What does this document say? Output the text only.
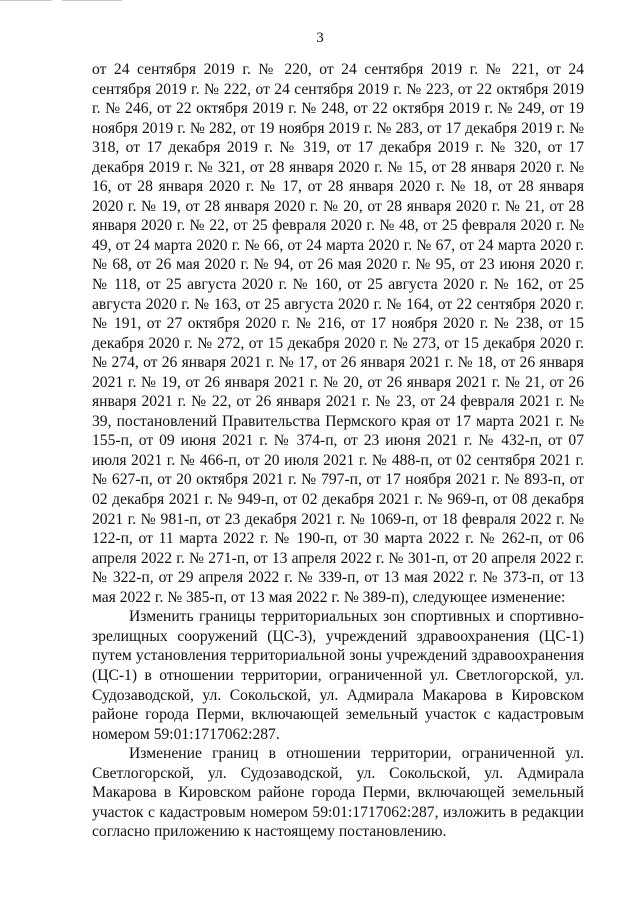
3

от 24 сентября 2019 г. № 220, от 24 сентября 2019 г. № 221, от 24 сентября 2019 г. № 222, от 24 сентября 2019 г. № 223, от 22 октября 2019 г. № 246, от 22 октября 2019 г. № 248, от 22 октября 2019 г. № 249, от 19 ноября 2019 г. № 282, от 19 ноября 2019 г. № 283, от 17 декабря 2019 г. № 318, от 17 декабря 2019 г. № 319, от 17 декабря 2019 г. № 320, от 17 декабря 2019 г. № 321, от 28 января 2020 г. № 15, от 28 января 2020 г. № 16, от 28 января 2020 г. № 17, от 28 января 2020 г. № 18, от 28 января 2020 г. № 19, от 28 января 2020 г. № 20, от 28 января 2020 г. № 21, от 28 января 2020 г. № 22, от 25 февраля 2020 г. № 48, от 25 февраля 2020 г. № 49, от 24 марта 2020 г. № 66, от 24 марта 2020 г. № 67, от 24 марта 2020 г. № 68, от 26 мая 2020 г. № 94, от 26 мая 2020 г. № 95, от 23 июня 2020 г. № 118, от 25 августа 2020 г. № 160, от 25 августа 2020 г. № 162, от 25 августа 2020 г. № 163, от 25 августа 2020 г. № 164, от 22 сентября 2020 г. № 191, от 27 октября 2020 г. № 216, от 17 ноября 2020 г. № 238, от 15 декабря 2020 г. № 272, от 15 декабря 2020 г. № 273, от 15 декабря 2020 г. № 274, от 26 января 2021 г. № 17, от 26 января 2021 г. № 18, от 26 января 2021 г. № 19, от 26 января 2021 г. № 20, от 26 января 2021 г. № 21, от 26 января 2021 г. № 22, от 26 января 2021 г. № 23, от 24 февраля 2021 г. № 39, постановлений Правительства Пермского края от 17 марта 2021 г. № 155-п, от 09 июня 2021 г. № 374-п, от 23 июня 2021 г. № 432-п, от 07 июля 2021 г. № 466-п, от 20 июля 2021 г. № 488-п, от 02 сентября 2021 г. № 627-п, от 20 октября 2021 г. № 797-п, от 17 ноября 2021 г. № 893-п, от 02 декабря 2021 г. № 949-п, от 02 декабря 2021 г. № 969-п, от 08 декабря 2021 г. № 981-п, от 23 декабря 2021 г. № 1069-п, от 18 февраля 2022 г. № 122-п, от 11 марта 2022 г. № 190-п, от 30 марта 2022 г. № 262-п, от 06 апреля 2022 г. № 271-п, от 13 апреля 2022 г. № 301-п, от 20 апреля 2022 г. № 322-п, от 29 апреля 2022 г. № 339-п, от 13 мая 2022 г. № 373-п, от 13 мая 2022 г. № 385-п, от 13 мая 2022 г. № 389-п), следующее изменение:

Изменить границы территориальных зон спортивных и спортивно-зрелищных сооружений (ЦС-3), учреждений здравоохранения (ЦС-1) путем установления территориальной зоны учреждений здравоохранения (ЦС-1) в отношении территории, ограниченной ул. Светлогорской, ул. Судозаводской, ул. Сокольской, ул. Адмирала Макарова в Кировском районе города Перми, включающей земельный участок с кадастровым номером 59:01:1717062:287.

Изменение границ в отношении территории, ограниченной ул. Светлогорской, ул. Судозаводской, ул. Сокольской, ул. Адмирала Макарова в Кировском районе города Перми, включающей земельный участок с кадастровым номером 59:01:1717062:287, изложить в редакции согласно приложению к настоящему постановлению.
